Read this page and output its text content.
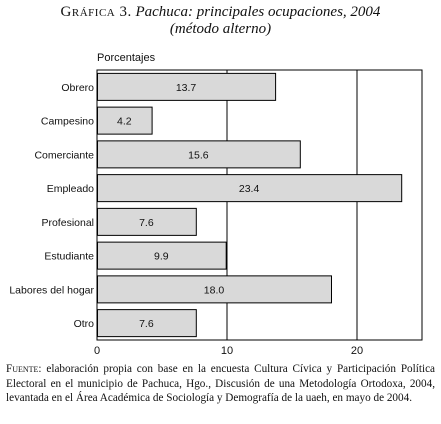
Gráfica 3. Pachuca: principales ocupaciones, 2004
(método alterno)
Porcentajes
0	10	20
13.7
Obrero
4.2
Campesino
15.6
Comerciante
23.4
Empleado
7.6
Profesional
9.9
Estudiante
18.0
Labores del hogar
7.6
Otro
Fuente: elaboración propia con base en la encuesta Cultura Cívica y Participación Política Electoral en el municipio de Pachuca, Hgo., Discusión de una Metodología Ortodoxa, 2004, levantada en el Área Académica de Sociología y Demografía de la uaeh, en mayo de 2004.
